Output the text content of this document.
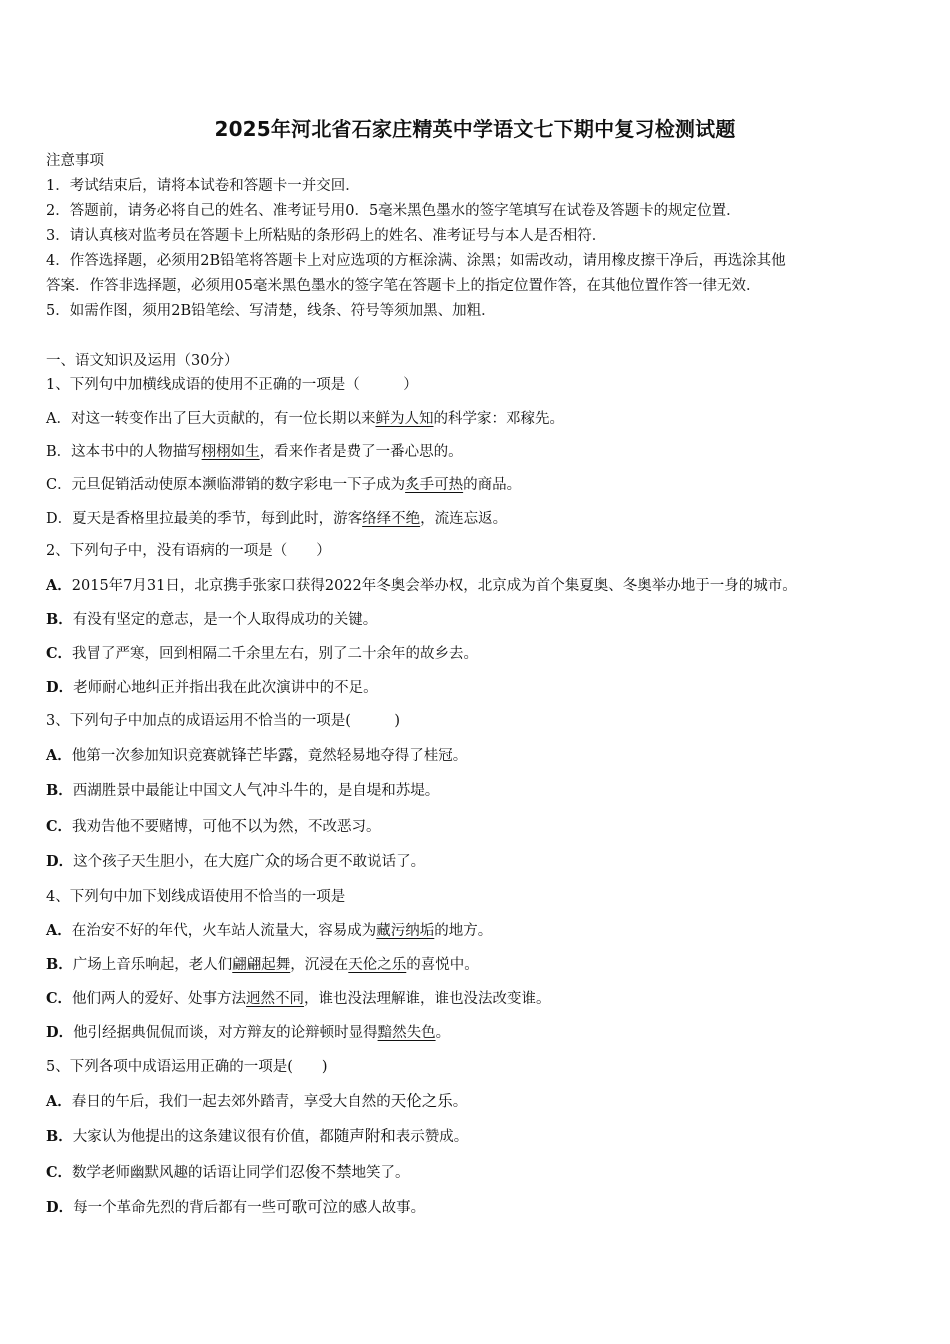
2025年河北省石家庄精英中学语文七下期中复习检测试题
注意事项
1．考试结束后，请将本试卷和答题卡一并交回．
2．答题前，请务必将自己的姓名、准考证号用0．5毫米黑色墨水的签字笔填写在试卷及答题卡的规定位置．
3．请认真核对监考员在答题卡上所粘贴的条形码上的姓名、准考证号与本人是否相符．
4．作答选择题，必须用2B铅笔将答题卡上对应选项的方框涂满、涂黑；如需改动，请用橡皮擦干净后，再选涂其他
答案．作答非选择题，必须用05毫米黑色墨水的签字笔在答题卡上的指定位置作答，在其他位置作答一律无效．
5．如需作图，须用2B铅笔绘、写清楚，线条、符号等须加黑、加粗．
一、语文知识及运用（30分）
1、下列句中加横线成语的使用不正确的一项是（　　　）
A．对这一转变作出了巨大贡献的，有一位长期以来鲜为人知的科学家：邓稼先。
B．这本书中的人物描写栩栩如生，看来作者是费了一番心思的。
C．元旦促销活动使原本濒临滞销的数字彩电一下子成为炙手可热的商品。
D．夏天是香格里拉最美的季节，每到此时，游客络绎不绝，流连忘返。
2、下列句子中，没有语病的一项是（　　）
A．2015年7月31日，北京携手张家口获得2022年冬奥会举办权，北京成为首个集夏奥、冬奥举办地于一身的城市。
B．有没有坚定的意志，是一个人取得成功的关键。
C．我冒了严寒，回到相隔二千余里左右，别了二十余年的故乡去。
D．老师耐心地纠正并指出我在此次演讲中的不足。
3、下列句子中加点的成语运用不恰当的一项是(　　　)
A．他第一次参加知识竞赛就锋芒毕露，竟然轻易地夺得了桂冠。
B．西湖胜景中最能让中国文人气冲斗牛的，是自堤和苏堤。
C．我劝告他不要赌博，可他不以为然，不改恶习。
D．这个孩子天生胆小，在大庭广众的场合更不敢说话了。
4、下列句中加下划线成语使用不恰当的一项是
A．在治安不好的年代，火车站人流量大，容易成为藏污纳垢的地方。
B．广场上音乐响起，老人们翩翩起舞，沉浸在天伦之乐的喜悦中。
C．他们两人的爱好、处事方法迥然不同，谁也没法理解谁，谁也没法改变谁。
D．他引经据典侃侃而谈，对方辩友的论辩顿时显得黯然失色。
5、下列各项中成语运用正确的一项是(　　)
A．春日的午后，我们一起去郊外踏青，享受大自然的天伦之乐。
B．大家认为他提出的这条建议很有价值，都随声附和表示赞成。
C．数学老师幽默风趣的话语让同学们忍俊不禁地笑了。
D．每一个革命先烈的背后都有一些可歌可泣的感人故事。
